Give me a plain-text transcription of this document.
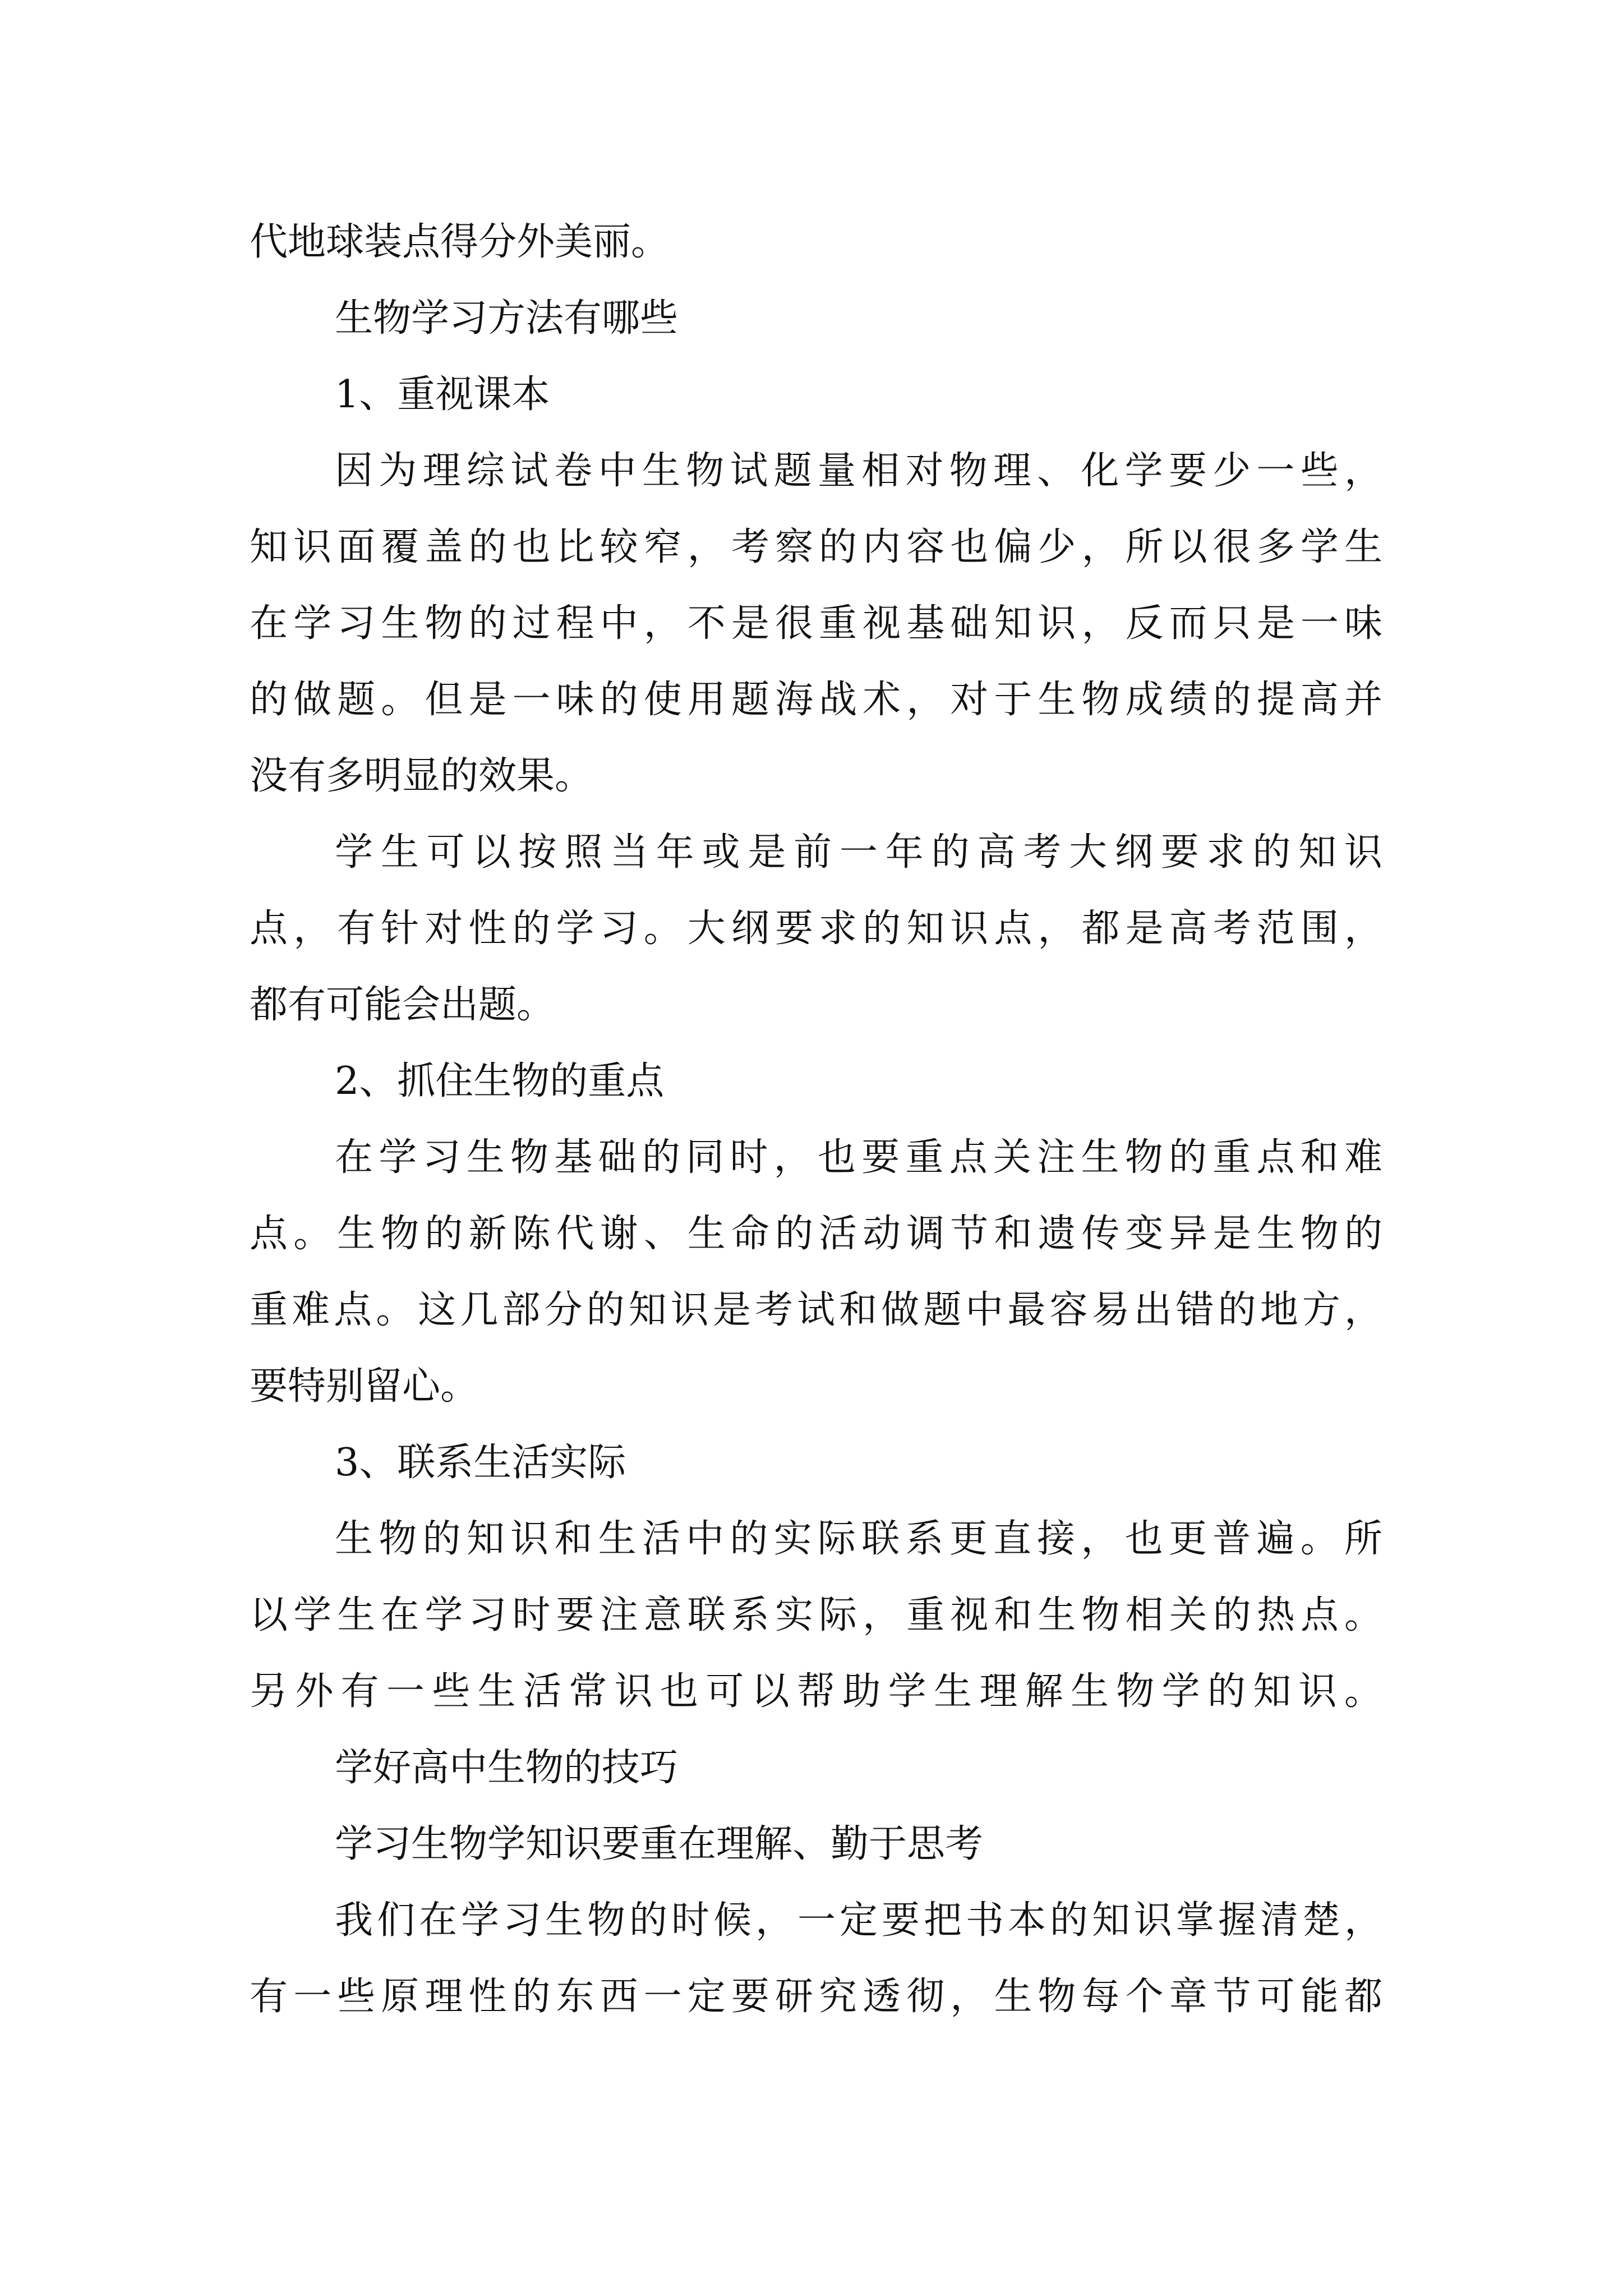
代地球装点得分外美丽。
生物学习方法有哪些
1、重视课本
因为理综试卷中生物试题量相对物理、化学要少一些，
知识面覆盖的也比较窄，考察的内容也偏少，所以很多学生
在学习生物的过程中，不是很重视基础知识，反而只是一味
的做题。但是一味的使用题海战术，对于生物成绩的提高并
没有多明显的效果。
学生可以按照当年或是前一年的高考大纲要求的知识
点，有针对性的学习。大纲要求的知识点，都是高考范围，
都有可能会出题。
2、抓住生物的重点
在学习生物基础的同时，也要重点关注生物的重点和难
点。生物的新陈代谢、生命的活动调节和遗传变异是生物的
重难点。这几部分的知识是考试和做题中最容易出错的地方，
要特别留心。
3、联系生活实际
生物的知识和生活中的实际联系更直接，也更普遍。所
以学生在学习时要注意联系实际，重视和生物相关的热点。
另外有一些生活常识也可以帮助学生理解生物学的知识。
学好高中生物的技巧
学习生物学知识要重在理解、勤于思考
我们在学习生物的时候，一定要把书本的知识掌握清楚，
有一些原理性的东西一定要研究透彻，生物每个章节可能都
